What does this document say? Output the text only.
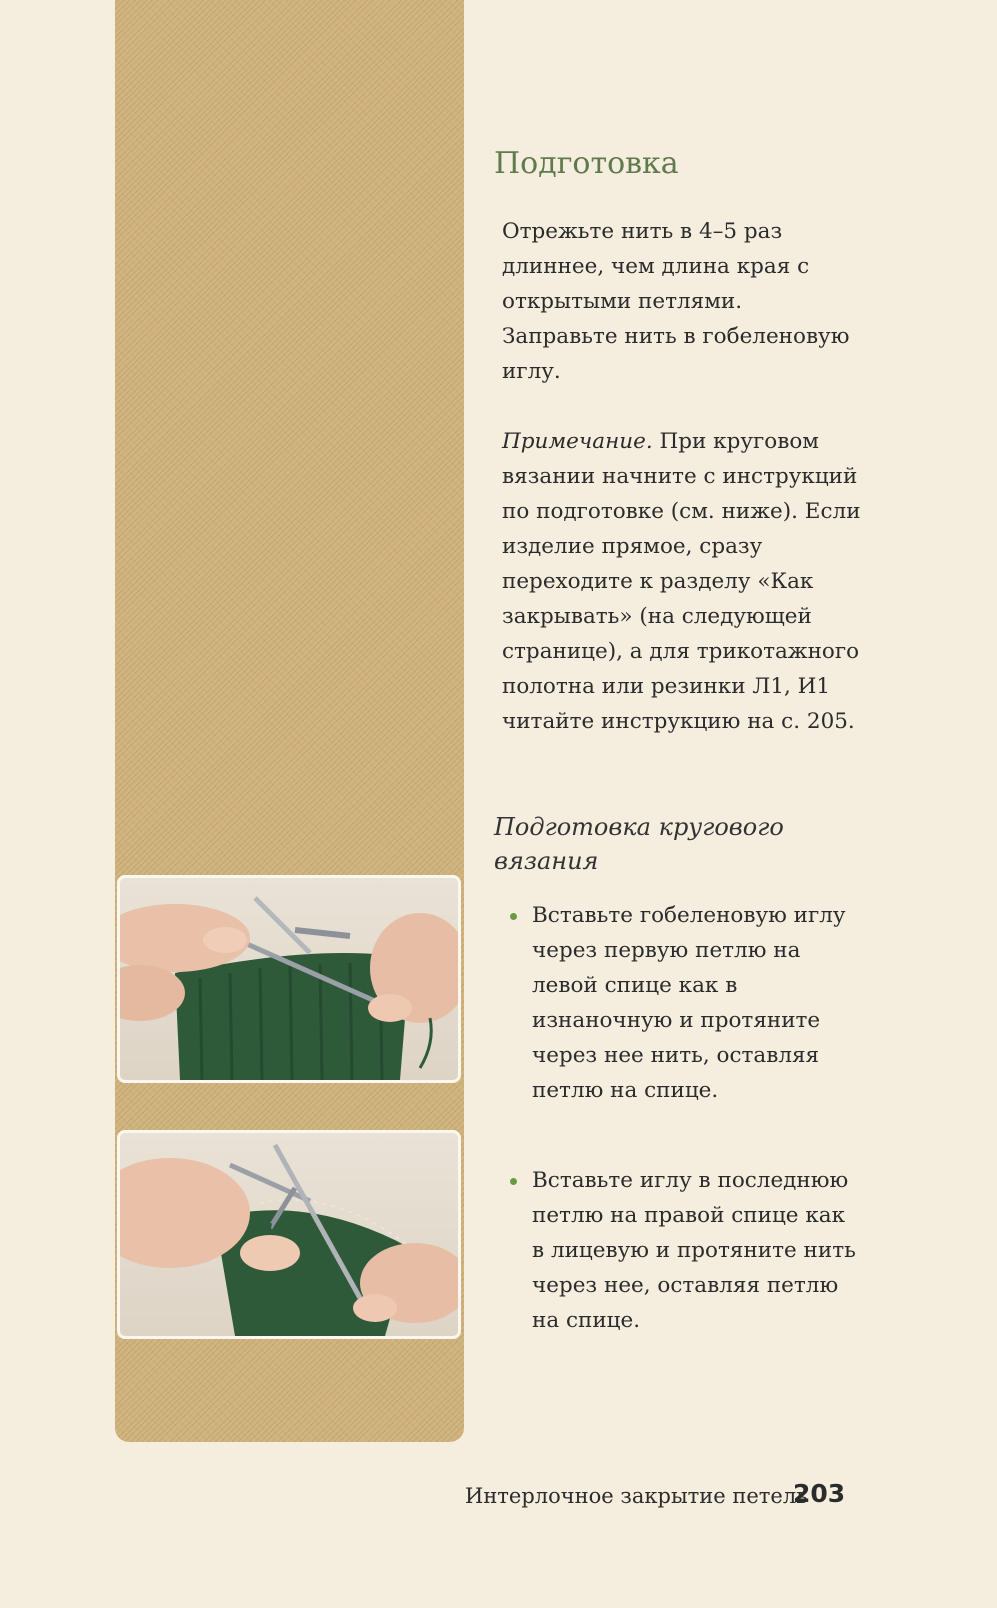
Подготовка

Отрежьте нить в 4–5 раз длиннее, чем длина края с открытыми петлями. Заправьте нить в гобеленовую иглу.

Примечание. При круговом вязании начните с инструкций по подготовке (см. ниже). Если изделие прямое, сразу переходите к разделу «Как закрывать» (на следующей странице), а для трикотажного полотна или резинки Л1, И1 читайте инструкцию на с. 205.

Подготовка кругового вязания

Вставьте гобеленовую иглу через первую петлю на левой спице как в изнаночную и протяните через нее нить, оставляя петлю на спице.

Вставьте иглу в последнюю петлю на правой спице как в лицевую и протяните нить через нее, оставляя петлю на спице.

Интерлочное закрытие петель
203
